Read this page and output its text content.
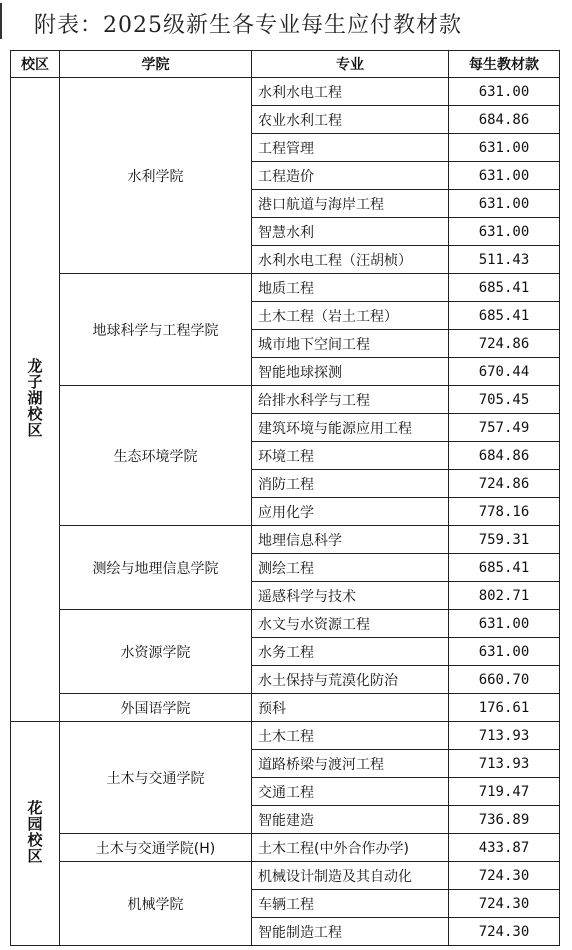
附表：2025级新生各专业每生应付教材款
校区	学院	专业	每生教材款
龙子湖校区	水利学院	水利水电工程	631.00
		农业水利工程	684.86
		工程管理	631.00
		工程造价	631.00
		港口航道与海岸工程	631.00
		智慧水利	631.00
		水利水电工程（汪胡桢）	511.43
	地球科学与工程学院	地质工程	685.41
		土木工程（岩土工程）	685.41
		城市地下空间工程	724.86
		智能地球探测	670.44
	生态环境学院	给排水科学与工程	705.45
		建筑环境与能源应用工程	757.49
		环境工程	684.86
		消防工程	724.86
		应用化学	778.16
	测绘与地理信息学院	地理信息科学	759.31
		测绘工程	685.41
		遥感科学与技术	802.71
	水资源学院	水文与水资源工程	631.00
		水务工程	631.00
		水土保持与荒漠化防治	660.70
	外国语学院	预科	176.61
花园校区	土木与交通学院	土木工程	713.93
		道路桥梁与渡河工程	713.93
		交通工程	719.47
		智能建造	736.89
	土木与交通学院(H)	土木工程(中外合作办学)	433.87
	机械学院	机械设计制造及其自动化	724.30
		车辆工程	724.30
		智能制造工程	724.30
